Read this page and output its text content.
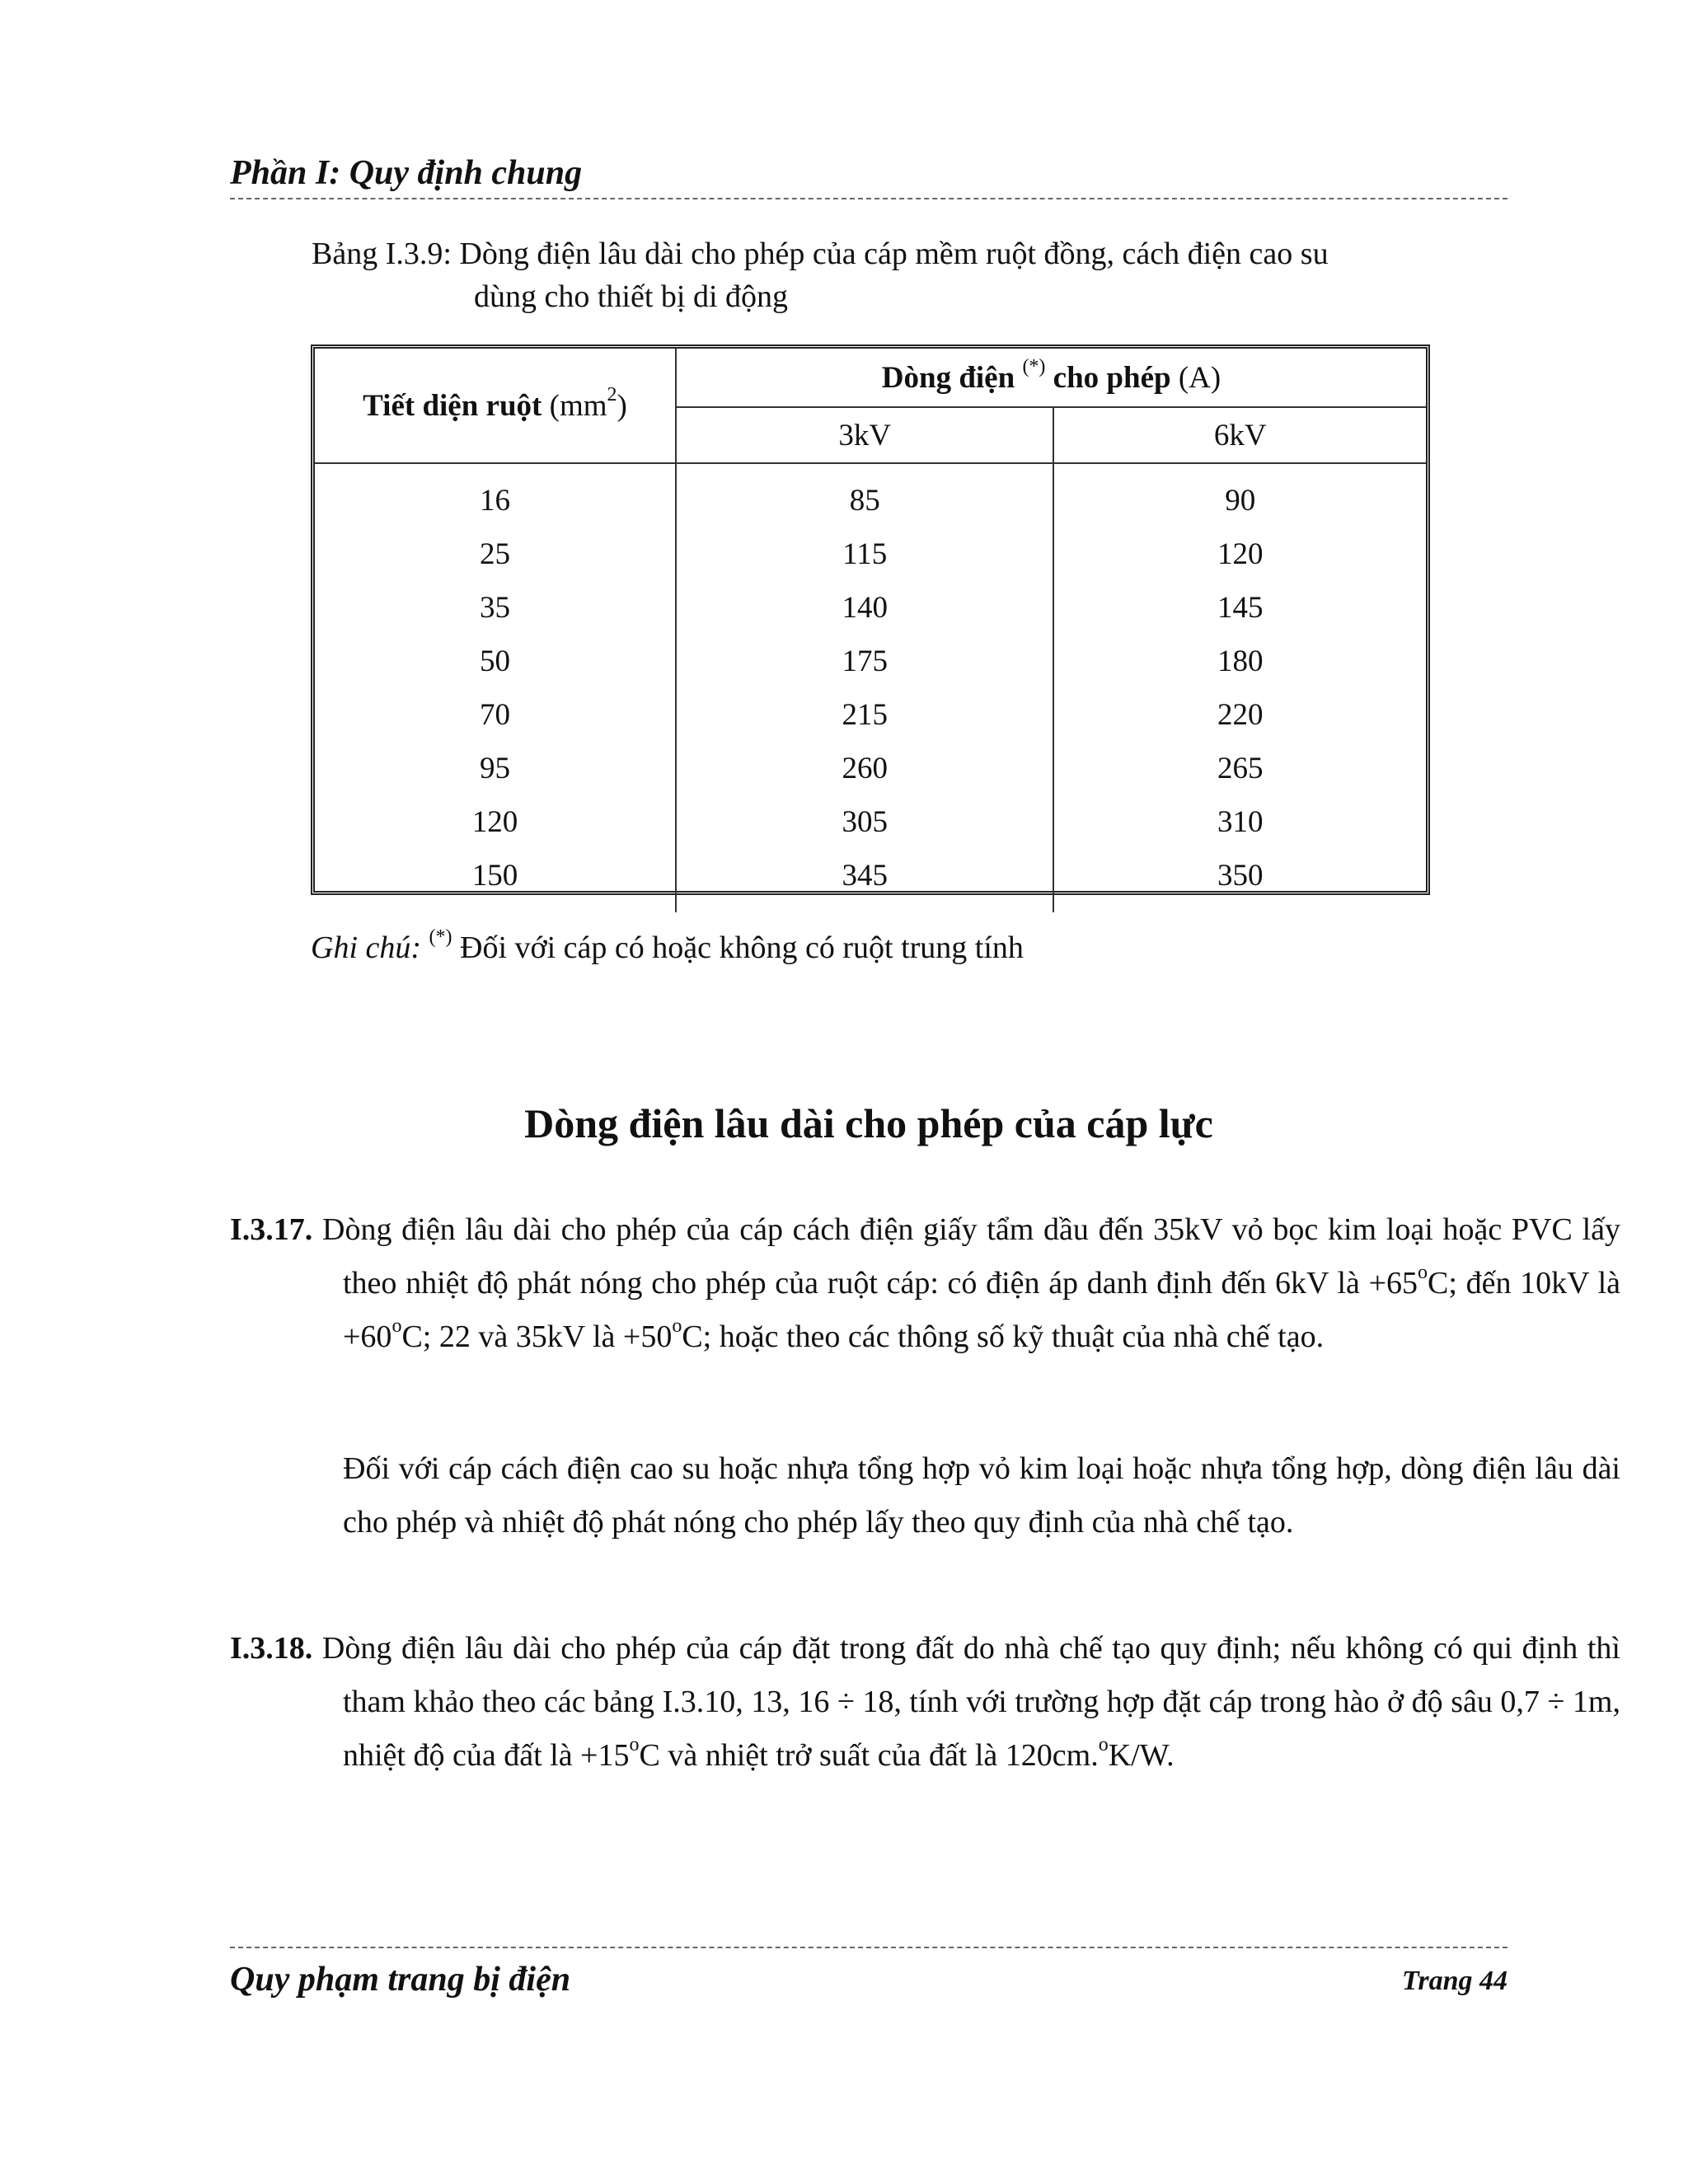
Phần I: Quy định chung
Bảng I.3.9: Dòng điện lâu dài cho phép của cáp mềm ruột đồng, cách điện cao su
dùng cho thiết bị di động
Tiết diện ruột $(mm^2)$	Dòng điện (*) cho phép (A)	
	3kV	6kV
16	85	90
25	115	120
35	140	145
50	175	180
70	215	220
95	260	265
120	305	310
150	345	350
Ghi chú: (*) Đối với cáp có hoặc không có ruột trung tính
Dòng điện lâu dài cho phép của cáp lực
I.3.17. Dòng điện lâu dài cho phép của cáp cách điện giấy tẩm dầu đến 35kV vỏ bọc kim loại hoặc PVC lấy theo nhiệt độ phát nóng cho phép của ruột cáp: có điện áp danh định đến 6kV là $+65^oC$; đến 10kV là $+60^oC$; 22 và 35kV là $+50^oC$; hoặc theo các thông số kỹ thuật của nhà chế tạo.
Đối với cáp cách điện cao su hoặc nhựa tổng hợp vỏ kim loại hoặc nhựa tổng hợp, dòng điện lâu dài cho phép và nhiệt độ phát nóng cho phép lấy theo quy định của nhà chế tạo.
I.3.18. Dòng điện lâu dài cho phép của cáp đặt trong đất do nhà chế tạo quy định; nếu không có qui định thì tham khảo theo các bảng I.3.10, 13, 16 ÷ 18, tính với trường hợp đặt cáp trong hào ở độ sâu 0,7 ÷ 1m, nhiệt độ của đất là $+15^oC$ và nhiệt trở suất của đất là 120cm.$^o$K/W.
Quy phạm trang bị điện	Trang 44
